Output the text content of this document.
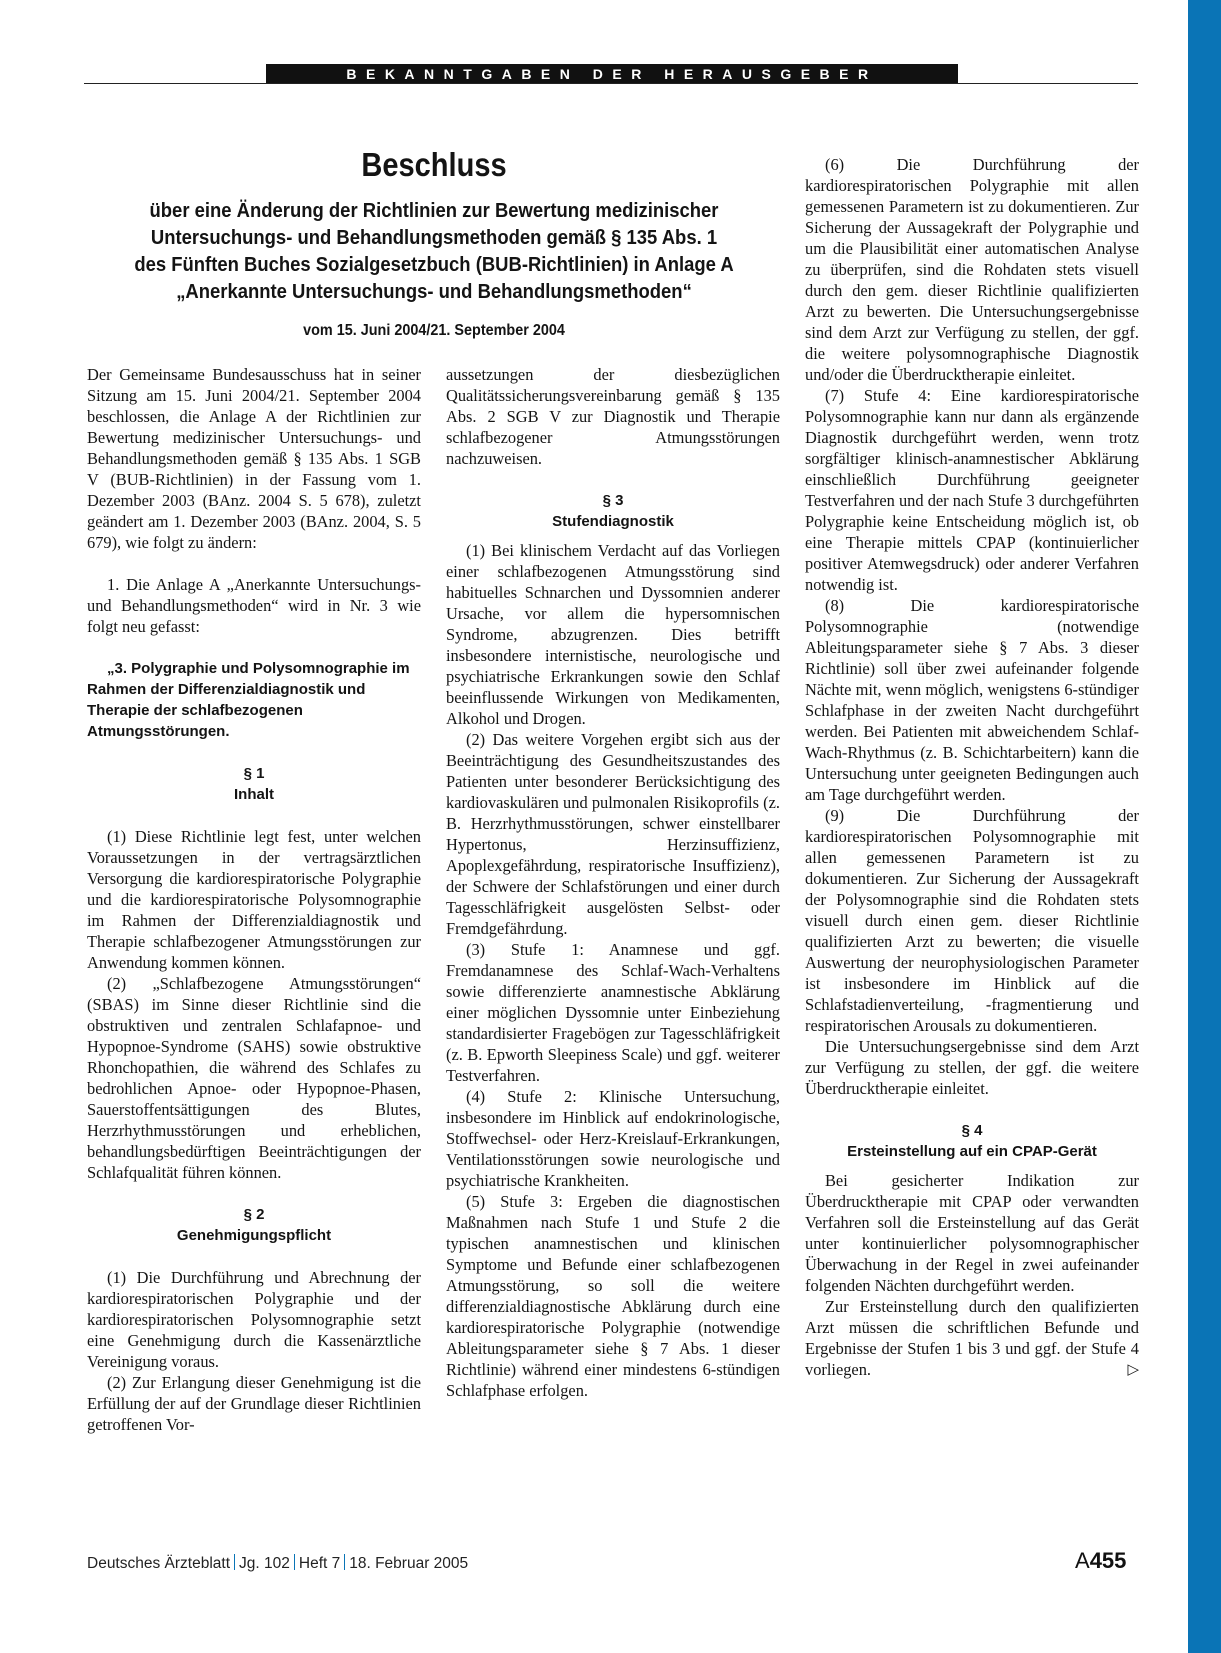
BEKANNTGABEN DER HERAUSGEBER
Beschluss
über eine Änderung der Richtlinien zur Bewertung medizinischer
Untersuchungs- und Behandlungsmethoden gemäß § 135 Abs. 1
des Fünften Buches Sozialgesetzbuch (BUB-Richtlinien) in Anlage A
„Anerkannte Untersuchungs- und Behandlungsmethoden“
vom 15. Juni 2004/21. September 2004

Der Gemeinsame Bundesausschuss hat in seiner Sitzung am 15. Juni 2004/21. September 2004 beschlossen, die Anlage A der Richtlinien zur Bewertung medizinischer Untersuchungs- und Behandlungsmethoden gemäß § 135 Abs. 1 SGB V (BUB-Richtlinien) in der Fassung vom 1. Dezember 2003 (BAnz. 2004 S. 5 678), zuletzt geändert am 1. Dezember 2003 (BAnz. 2004, S. 5 679), wie folgt zu ändern:

1. Die Anlage A „Anerkannte Untersuchungs- und Behandlungsmethoden“ wird in Nr. 3 wie folgt neu gefasst:

„3. Polygraphie und Polysomnographie im Rahmen der Differenzialdiagnostik und Therapie der schlafbezogenen Atmungsstörungen.

§ 1

Inhalt

(1) Diese Richtlinie legt fest, unter welchen Voraussetzungen in der vertragsärztlichen Versorgung die kardiorespiratorische Polygraphie und die kardiorespiratorische Polysomnographie im Rahmen der Differenzialdiagnostik und Therapie schlafbezogener Atmungsstörungen zur Anwendung kommen können.

(2) „Schlafbezogene Atmungsstörungen“ (SBAS) im Sinne dieser Richtlinie sind die obstruktiven und zentralen Schlafapnoe- und Hypopnoe-Syndrome (SAHS) sowie obstruktive Rhonchopathien, die während des Schlafes zu bedrohlichen Apnoe- oder Hypopnoe-Phasen, Sauerstoffentsättigungen des Blutes, Herzrhythmusstörungen und erheblichen, behandlungsbedürftigen Beeinträchtigungen der Schlafqualität führen können.

§ 2

Genehmigungspflicht

(1) Die Durchführung und Abrechnung der kardiorespiratorischen Polygraphie und der kardiorespiratorischen Polysomnographie setzt eine Genehmigung durch die Kassenärztliche Vereinigung voraus.

(2) Zur Erlangung dieser Genehmigung ist die Erfüllung der auf der Grundlage dieser Richtlinien getroffenen Vor-

aussetzungen der diesbezüglichen Qualitätssicherungsvereinbarung gemäß § 135 Abs. 2 SGB V zur Diagnostik und Therapie schlafbezogener Atmungsstörungen nachzuweisen.

§ 3

Stufendiagnostik

(1) Bei klinischem Verdacht auf das Vorliegen einer schlafbezogenen Atmungsstörung sind habituelles Schnarchen und Dyssomnien anderer Ursache, vor allem die hypersomnischen Syndrome, abzugrenzen. Dies betrifft insbesondere internistische, neurologische und psychiatrische Erkrankungen sowie den Schlaf beeinflussende Wirkungen von Medikamenten, Alkohol und Drogen.

(2) Das weitere Vorgehen ergibt sich aus der Beeinträchtigung des Gesundheitszustandes des Patienten unter besonderer Berücksichtigung des kardiovaskulären und pulmonalen Risikoprofils (z. B. Herzrhythmusstörungen, schwer einstellbarer Hypertonus, Herzinsuffizienz, Apoplexgefährdung, respiratorische Insuffizienz), der Schwere der Schlafstörungen und einer durch Tagesschläfrigkeit ausgelösten Selbst- oder Fremdgefährdung.

(3) Stufe 1: Anamnese und ggf. Fremdanamnese des Schlaf-Wach-Verhaltens sowie differenzierte anamnestische Abklärung einer möglichen Dyssomnie unter Einbeziehung standardisierter Fragebögen zur Tagesschläfrigkeit (z. B. Epworth Sleepiness Scale) und ggf. weiterer Testverfahren.

(4) Stufe 2: Klinische Untersuchung, insbesondere im Hinblick auf endokrinologische, Stoffwechsel- oder Herz-Kreislauf-Erkrankungen, Ventilationsstörungen sowie neurologische und psychiatrische Krankheiten.

(5) Stufe 3: Ergeben die diagnostischen Maßnahmen nach Stufe 1 und Stufe 2 die typischen anamnestischen und klinischen Symptome und Befunde einer schlafbezogenen Atmungsstörung, so soll die weitere differenzialdiagnostische Abklärung durch eine kardiorespiratorische Polygraphie (notwendige Ableitungsparameter siehe § 7 Abs. 1 dieser Richtlinie) während einer mindestens 6-stündigen Schlafphase erfolgen.

(6) Die Durchführung der kardiorespiratorischen Polygraphie mit allen gemessenen Parametern ist zu dokumentieren. Zur Sicherung der Aussagekraft der Polygraphie und um die Plausibilität einer automatischen Analyse zu überprüfen, sind die Rohdaten stets visuell durch den gem. dieser Richtlinie qualifizierten Arzt zu bewerten. Die Untersuchungsergebnisse sind dem Arzt zur Verfügung zu stellen, der ggf. die weitere polysomnographische Diagnostik und/oder die Überdrucktherapie einleitet.

(7) Stufe 4: Eine kardiorespiratorische Polysomnographie kann nur dann als ergänzende Diagnostik durchgeführt werden, wenn trotz sorgfältiger klinisch-anamnestischer Abklärung einschließlich Durchführung geeigneter Testverfahren und der nach Stufe 3 durchgeführten Polygraphie keine Entscheidung möglich ist, ob eine Therapie mittels CPAP (kontinuierlicher positiver Atemwegsdruck) oder anderer Verfahren notwendig ist.

(8) Die kardiorespiratorische Polysomnographie (notwendige Ableitungsparameter siehe § 7 Abs. 3 dieser Richtlinie) soll über zwei aufeinander folgende Nächte mit, wenn möglich, wenigstens 6-stündiger Schlafphase in der zweiten Nacht durchgeführt werden. Bei Patienten mit abweichendem Schlaf-Wach-Rhythmus (z. B. Schichtarbeitern) kann die Untersuchung unter geeigneten Bedingungen auch am Tage durchgeführt werden.

(9) Die Durchführung der kardiorespiratorischen Polysomnographie mit allen gemessenen Parametern ist zu dokumentieren. Zur Sicherung der Aussagekraft der Polysomnographie sind die Rohdaten stets visuell durch einen gem. dieser Richtlinie qualifizierten Arzt zu bewerten; die visuelle Auswertung der neurophysiologischen Parameter ist insbesondere im Hinblick auf die Schlafstadienverteilung, -fragmentierung und respiratorischen Arousals zu dokumentieren.

Die Untersuchungsergebnisse sind dem Arzt zur Verfügung zu stellen, der ggf. die weitere Überdrucktherapie einleitet.

§ 4

Ersteinstellung auf ein CPAP-Gerät

Bei gesicherter Indikation zur Überdrucktherapie mit CPAP oder verwandten Verfahren soll die Ersteinstellung auf das Gerät unter kontinuierlicher polysomnographischer Überwachung in der Regel in zwei aufeinander folgenden Nächten durchgeführt werden.

Zur Ersteinstellung durch den qualifizierten Arzt müssen die schriftlichen Befunde und Ergebnisse der Stufen 1 bis 3 und ggf. der Stufe 4 vorliegen.	▷

Deutsches Ärzteblatt Jg. 102 Heft 7 18. Februar 2005	A455
